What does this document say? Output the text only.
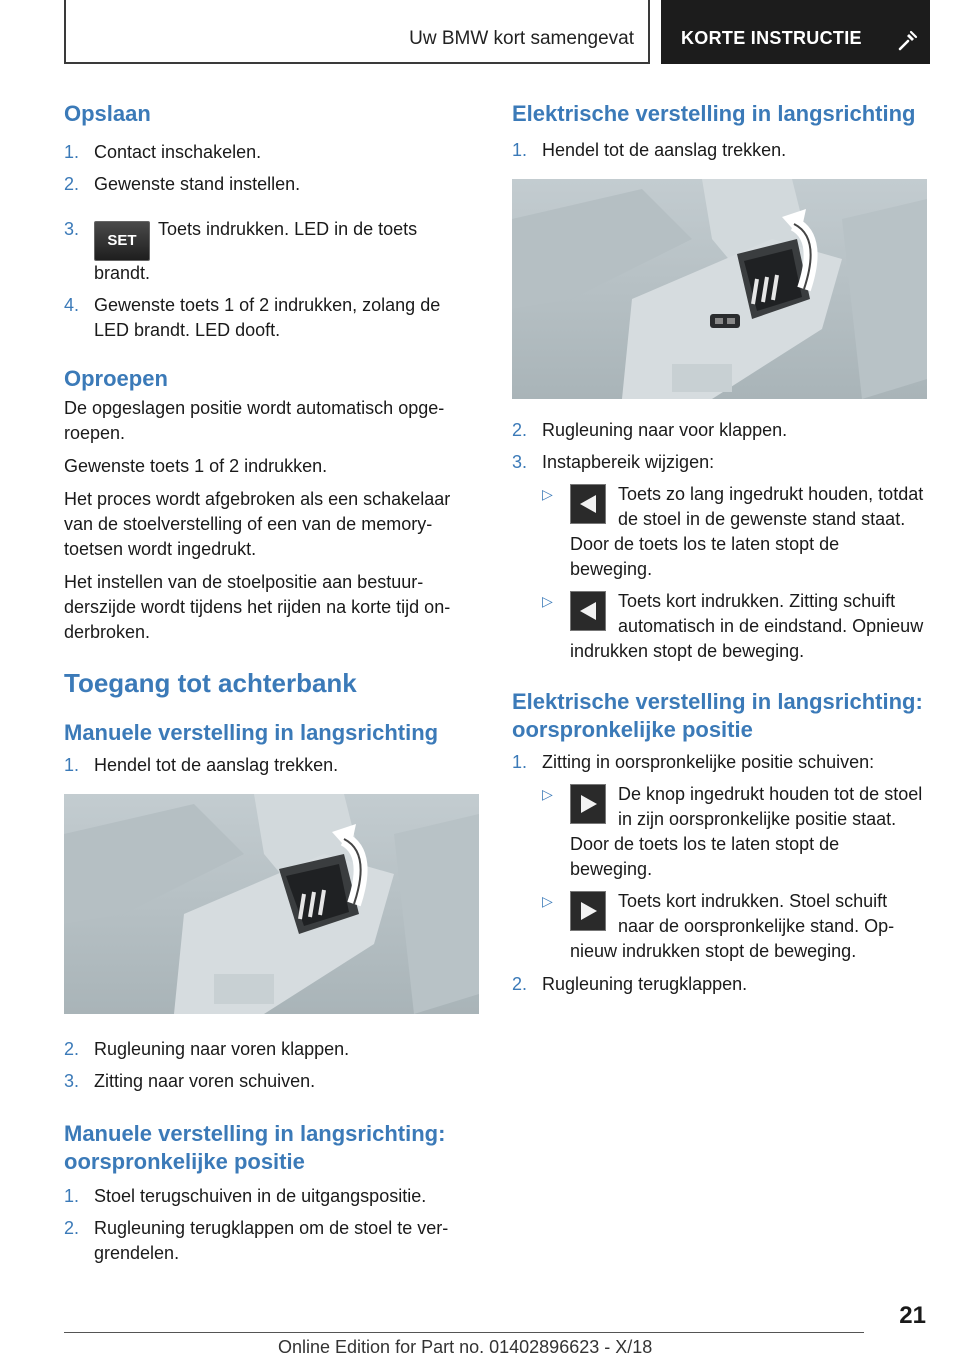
Uw BMW kort samengevat	KORTE INSTRUCTIE
Opslaan
1. Contact inschakelen.
2. Gewenste stand instellen.
3.
SETToets indrukken. LED in de toets brandt.
4. Gewenste toets 1 of 2 indrukken, zolang de LED brandt. LED dooft.
Oproepen

De opgeslagen positie wordt automatisch opgeroepen.

Gewenste toets 1 of 2 indrukken.

Het proces wordt afgebroken als een schakelaar van de stoelverstelling of een van de memorytoetsen wordt ingedrukt.

Het instellen van de stoelpositie aan bestuurderszijde wordt tijdens het rijden na korte tijd onderbroken.

Toegang tot achterbank
Manuele verstelling in langsrichting
1. Hendel tot de aanslag trekken.
2. Rugleuning naar voren klappen.
3. Zitting naar voren schuiven.
Manuele verstelling in langsrichting: oorspronkelijke positie
1. Stoel terugschuiven in de uitgangspositie.
2. Rugleuning terugklappen om de stoel te vergrendelen.
Elektrische verstelling in langsrichting
1. Hendel tot de aanslag trekken.
2. Rugleuning naar voor klappen.
3. Instapbereik wijzigen:
▷	Toets zo lang ingedrukt houden, totdat de stoel in de gewenste stand staat. Door de toets los te laten stopt de beweging.
▷	Toets kort indrukken. Zitting schuift automatisch in de eindstand. Opnieuw indrukken stopt de beweging.
Elektrische verstelling in langsrichting: oorspronkelijke positie
1. Zitting in oorspronkelijke positie schuiven:
▷	De knop ingedrukt houden tot de stoel in zijn oorspronkelijke positie staat. Door de toets los te laten stopt de beweging.
▷	Toets kort indrukken. Stoel schuift naar de oorspronkelijke stand. Opnieuw indrukken stopt de beweging.
2. Rugleuning terugklappen.
21
Online Edition for Part no. 01402896623 - X/18
